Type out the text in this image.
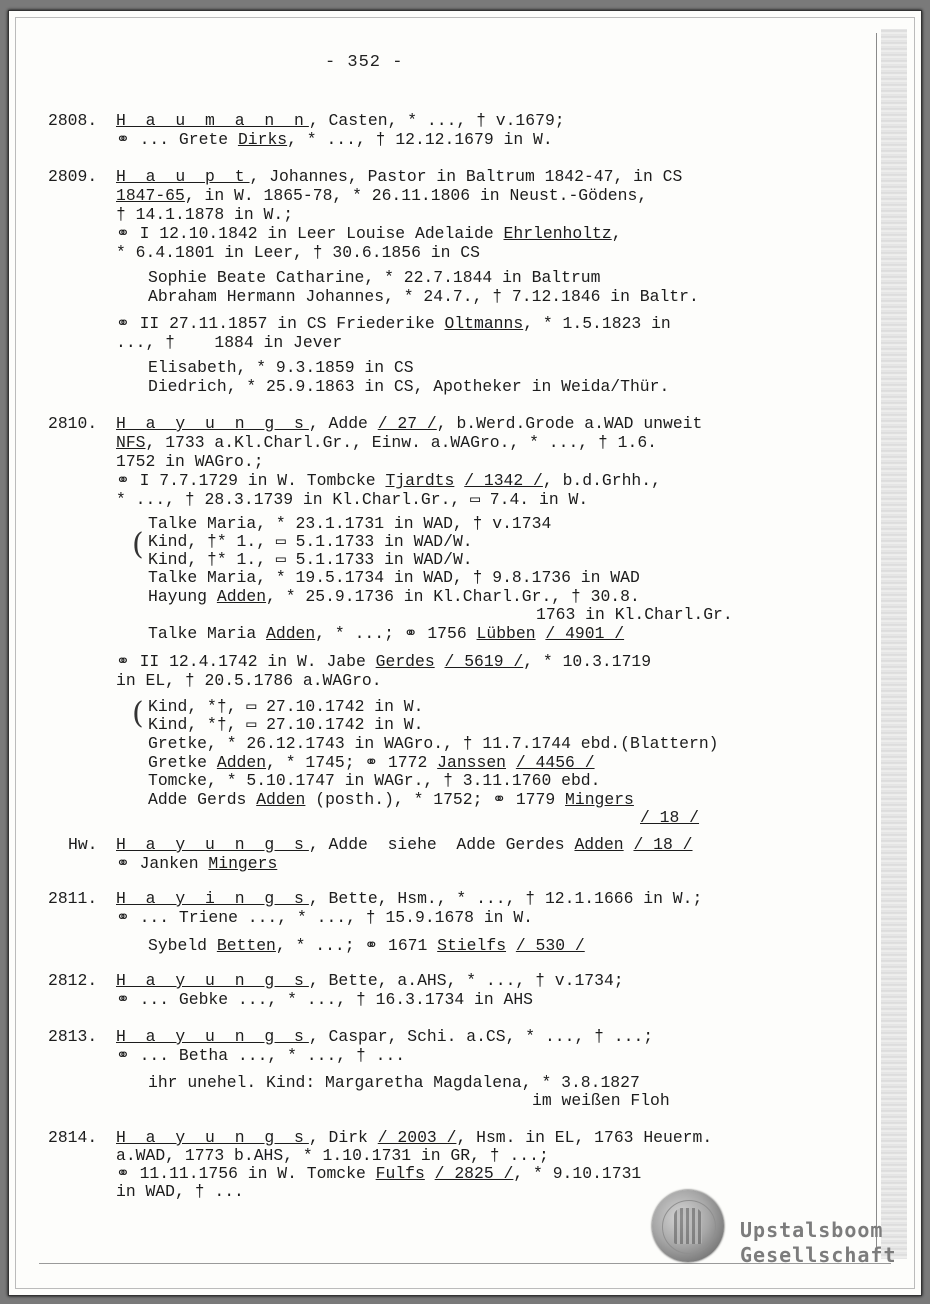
- 352 -
2808. H a u m a n n, Casten, * ..., † v.1679;
⚭ ... Grete Dirks, * ..., † 12.12.1679 in W.
2809. H a u p t, Johannes, Pastor in Baltrum 1842-47, in CS
1847-65, in W. 1865-78, * 26.11.1806 in Neust.-Gödens,
† 14.1.1878 in W.;
⚭ I 12.10.1842 in Leer Louise Adelaide Ehrlenholtz,
* 6.4.1801 in Leer, † 30.6.1856 in CS
Sophie Beate Catharine, * 22.7.1844 in Baltrum
Abraham Hermann Johannes, * 24.7., † 7.12.1846 in Baltr.
⚭ II 27.11.1857 in CS Friederike Oltmanns, * 1.5.1823 in
..., †    1884 in Jever
Elisabeth, * 9.3.1859 in CS
Diedrich, * 25.9.1863 in CS, Apotheker in Weida/Thür.
2810. H a y u n g s, Adde / 27 /, b.Werd.Grode a.WAD unweit
NFS, 1733 a.Kl.Charl.Gr., Einw. a.WAGro., * ..., † 1.6.
1752 in WAGro.;
⚭ I 7.7.1729 in W. Tombcke Tjardts / 1342 /, b.d.Grhh.,
* ..., † 28.3.1739 in Kl.Charl.Gr., ▭ 7.4. in W.
Talke Maria, * 23.1.1731 in WAD, † v.1734
( Kind, †* 1., ▭ 5.1.1733 in WAD/W.
Kind, †* 1., ▭ 5.1.1733 in WAD/W.
Talke Maria, * 19.5.1734 in WAD, † 9.8.1736 in WAD
Hayung Adden, * 25.9.1736 in Kl.Charl.Gr., † 30.8.
1763 in Kl.Charl.Gr.
Talke Maria Adden, * ...; ⚭ 1756 Lübben / 4901 /
⚭ II 12.4.1742 in W. Jabe Gerdes / 5619 /, * 10.3.1719
in EL, † 20.5.1786 a.WAGro.
( Kind, *†, ▭ 27.10.1742 in W.
Kind, *†, ▭ 27.10.1742 in W.
Gretke, * 26.12.1743 in WAGro., † 11.7.1744 ebd.(Blattern)
Gretke Adden, * 1745; ⚭ 1772 Janssen / 4456 /
Tomcke, * 5.10.1747 in WAGr., † 3.11.1760 ebd.
Adde Gerds Adden (posth.), * 1752; ⚭ 1779 Mingers
/ 18 /
Hw. H a y u n g s, Adde  siehe  Adde Gerdes Adden / 18 /
⚭ Janken Mingers
2811. H a y i n g s, Bette, Hsm., * ..., † 12.1.1666 in W.;
⚭ ... Triene ..., * ..., † 15.9.1678 in W.
Sybeld Betten, * ...; ⚭ 1671 Stielfs / 530 /
2812. H a y u n g s, Bette, a.AHS, * ..., † v.1734;
⚭ ... Gebke ..., * ..., † 16.3.1734 in AHS
2813. H a y u n g s, Caspar, Schi. a.CS, * ..., † ...;
⚭ ... Betha ..., * ..., † ...
ihr unehel. Kind: Margaretha Magdalena, * 3.8.1827
im weißen Floh
2814. H a y u n g s, Dirk / 2003 /, Hsm. in EL, 1763 Heuerm.
a.WAD, 1773 b.AHS, * 1.10.1731 in GR, † ...;
⚭ 11.11.1756 in W. Tomcke Fulfs / 2825 /, * 9.10.1731
in WAD, † ...
Upstalsboom
Gesellschaft
